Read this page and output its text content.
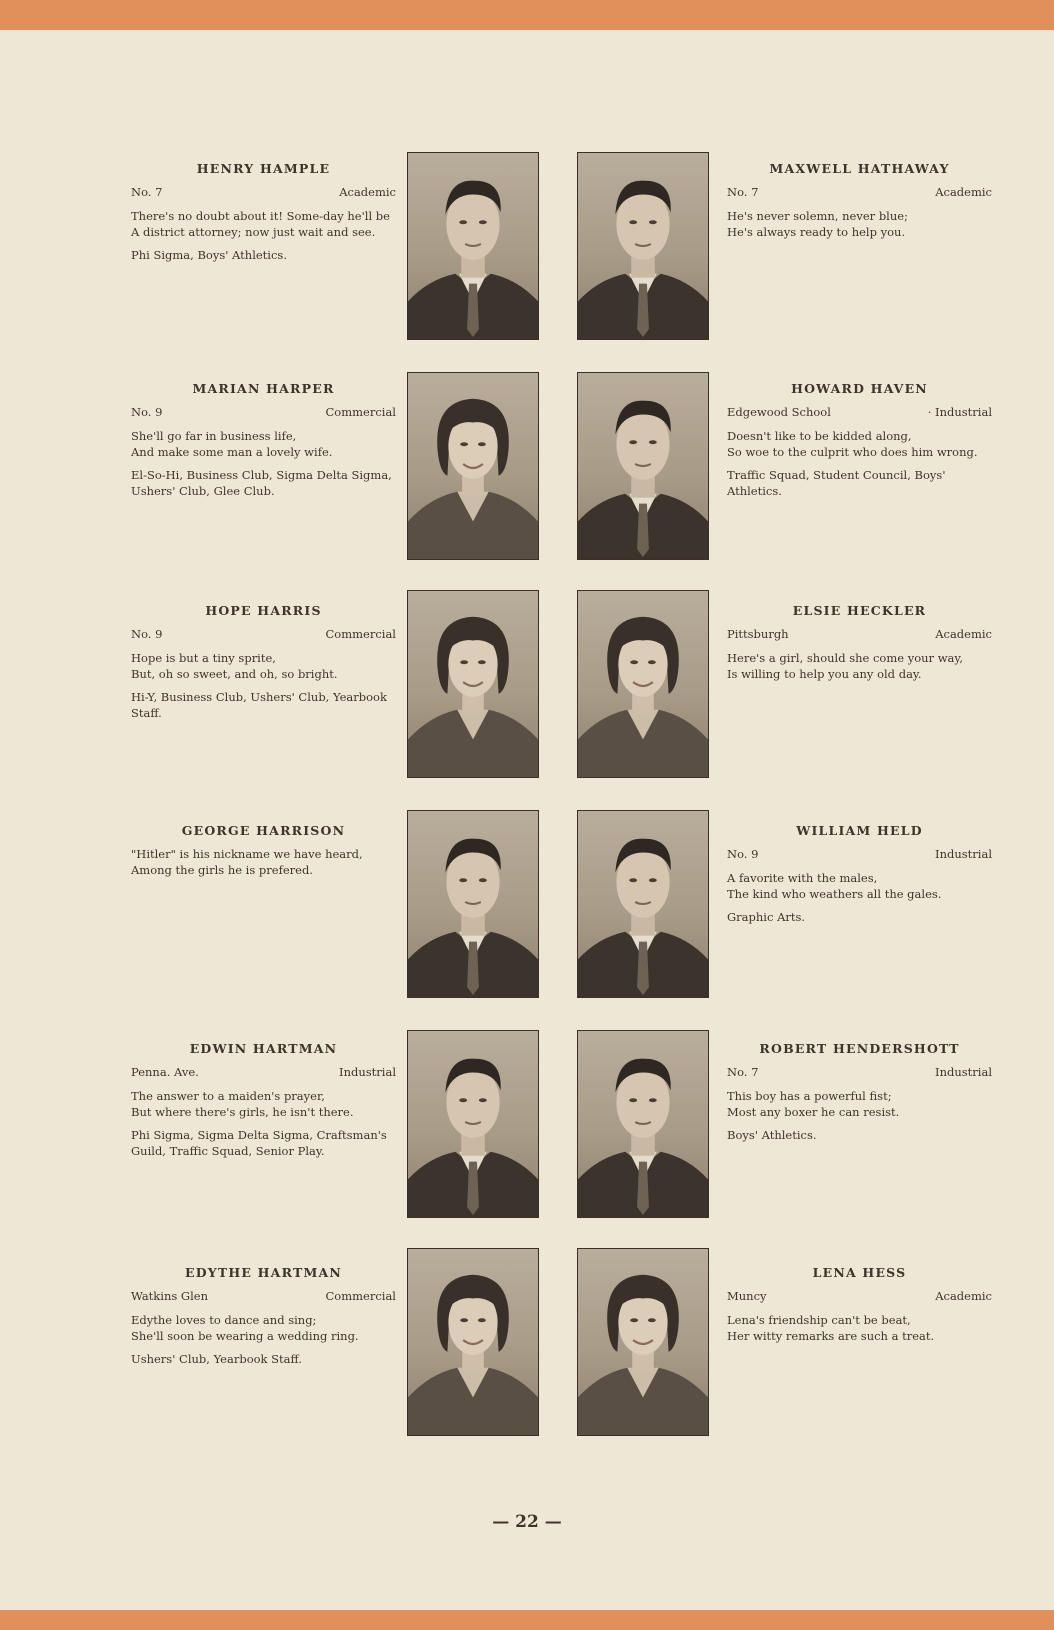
HENRY HAMPLE
No. 7	Academic
There's no doubt about it! Some-day he'll be
A district attorney; now just wait and see.
Phi Sigma, Boys' Athletics.
MAXWELL HATHAWAY
No. 7	Academic
He's never solemn, never blue;
He's always ready to help you.
MARIAN HARPER
No. 9	Commercial
She'll go far in business life,
And make some man a lovely wife.
El-So-Hi, Business Club, Sigma Delta Sigma, Ushers' Club, Glee Club.
HOWARD HAVEN
Edgewood School	· Industrial
Doesn't like to be kidded along,
So woe to the culprit who does him wrong.
Traffic Squad, Student Council, Boys' Athletics.
HOPE HARRIS
No. 9	Commercial
Hope is but a tiny sprite,
But, oh so sweet, and oh, so bright.
Hi-Y, Business Club, Ushers' Club, Yearbook Staff.
ELSIE HECKLER
Pittsburgh	Academic
Here's a girl, should she come your way,
Is willing to help you any old day.
GEORGE HARRISON
"Hitler" is his nickname we have heard,
Among the girls he is prefered.
WILLIAM HELD
No. 9	Industrial
A favorite with the males,
The kind who weathers all the gales.
Graphic Arts.
EDWIN HARTMAN
Penna. Ave.	Industrial
The answer to a maiden's prayer,
But where there's girls, he isn't there.
Phi Sigma, Sigma Delta Sigma, Craftsman's Guild, Traffic Squad, Senior Play.
ROBERT HENDERSHOTT
No. 7	Industrial
This boy has a powerful fist;
Most any boxer he can resist.
Boys' Athletics.
EDYTHE HARTMAN
Watkins Glen	Commercial
Edythe loves to dance and sing;
She'll soon be wearing a wedding ring.
Ushers' Club, Yearbook Staff.
LENA HESS
Muncy	Academic
Lena's friendship can't be beat,
Her witty remarks are such a treat.
— 22 —
